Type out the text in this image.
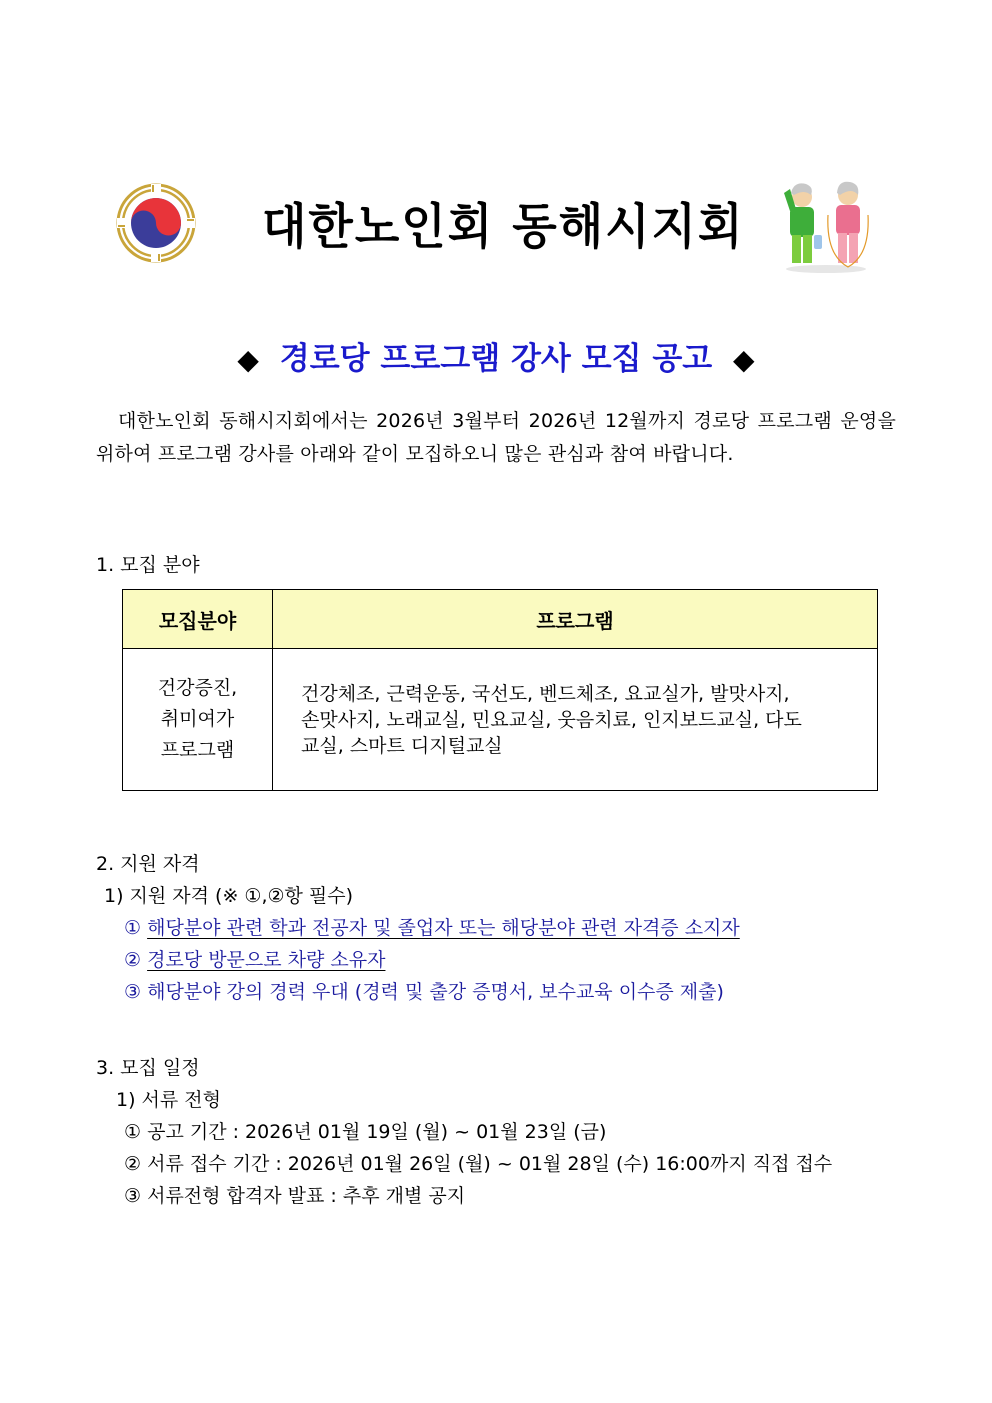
대한노인회 동해시지회
◆ 경로당 프로그램 강사 모집 공고 ◆
대한노인회 동해시지회에서는 2026년 3월부터 2026년 12월까지 경로당 프로그램 운영을 위하여 프로그램 강사를 아래와 같이 모집하오니 많은 관심과 참여 바랍니다.
1. 모집 분야
모집분야	프로그램

건강증진,
취미여가
프로그램	건강체조, 근력운동, 국선도, 벤드체조, 요교실가, 발맛사지,
손맛사지, 노래교실, 민요교실, 웃음치료, 인지보드교실, 다도
교실, 스마트 디지털교실
2. 지원 자격
1) 지원 자격 (※ ①,②항 필수)
① 해당분야 관련 학과 전공자 및 졸업자 또는 해당분야 관련 자격증 소지자
② 경로당 방문으로 차량 소유자
③ 해당분야 강의 경력 우대 (경력 및 출강 증명서, 보수교육 이수증 제출)
3. 모집 일정
1) 서류 전형
① 공고 기간 : 2026년 01월 19일 (월) ~ 01월 23일 (금)
② 서류 접수 기간 : 2026년 01월 26일 (월) ~ 01월 28일 (수) 16:00까지 직접 접수
③ 서류전형 합격자 발표 : 추후 개별 공지
